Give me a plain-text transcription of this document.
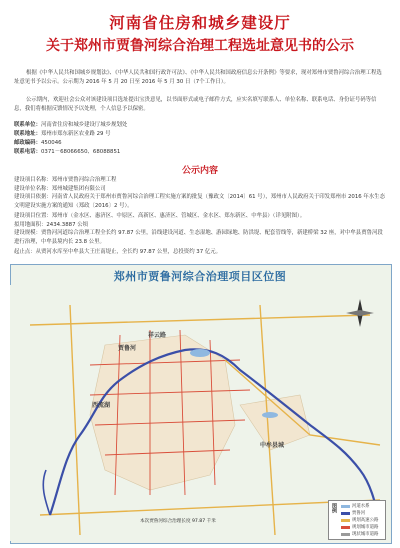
河南省住房和城乡建设厅
关于郑州市贾鲁河综合治理工程选址意见书的公示
根据《中华人民共和国城乡规划法》、《中华人民共和国行政许可法》、《中华人民共和国政府信息公开条例》等要求，现对郑州市贾鲁河综合治理工程选址意见书予以公示。公示期为 2016 年 5 月 20 日至 2016 年 5 月 30 日（7个工作日）。
公示期内，欢迎社会公众对该建设项目选址提出宝贵意见，以书面形式或电子邮件方式，应实名填写联系人、单位名称、联系电话、身份证号码等信息，我们将根据反馈情况予以处理，个人信息予以保密。
联系单位：河南省住房和城乡建设厅城乡规划处
联系地址：郑州市郑东新区农业路 29 号
邮政编码：450046
联系电话：0371－68066650、68088851
公示内容
建设项目名称：郑州市贾鲁河综合治理工程
建设单位名称：郑州城建集团有限公司
建设项目依据：河南省人民政府关于郑州市贾鲁河综合治理工程实施方案的批复（豫政文〔2014〕61 号），郑州市人民政府关于印发郑州市 2016 年水生态文明建设实施方案的通知（郑政〔2016〕2 号）。
建设项目位置：郑州市（金水区、惠济区、中原区、高新区、惠济区、管城区、金水区、郑东新区、中牟县）（详见附图）。
拟用地面积：2434.3887 公顷
建设规模：贾鲁河河道综合治理工程全长约 97.87 公里，沿线建设河道、生态湿地、游园绿地、防洪堤、配套管线等，新建桥梁 32 座，对中牟县贾鲁河段进行治理，中牟县境内长 23.8 公里。
起止点：从贾河水库至中牟县大王庄南堤止，全长约 97.87 公里，总投资约 37 亿元。
郑州市贾鲁河综合治理项目区位图
贾鲁河
祥云路
西流湖
中牟县城
本次贾鲁河综合治理长度 97.87 千米
图例	河道水系
贾鲁河
规划高速公路
规划城市道路
现状城市道路
